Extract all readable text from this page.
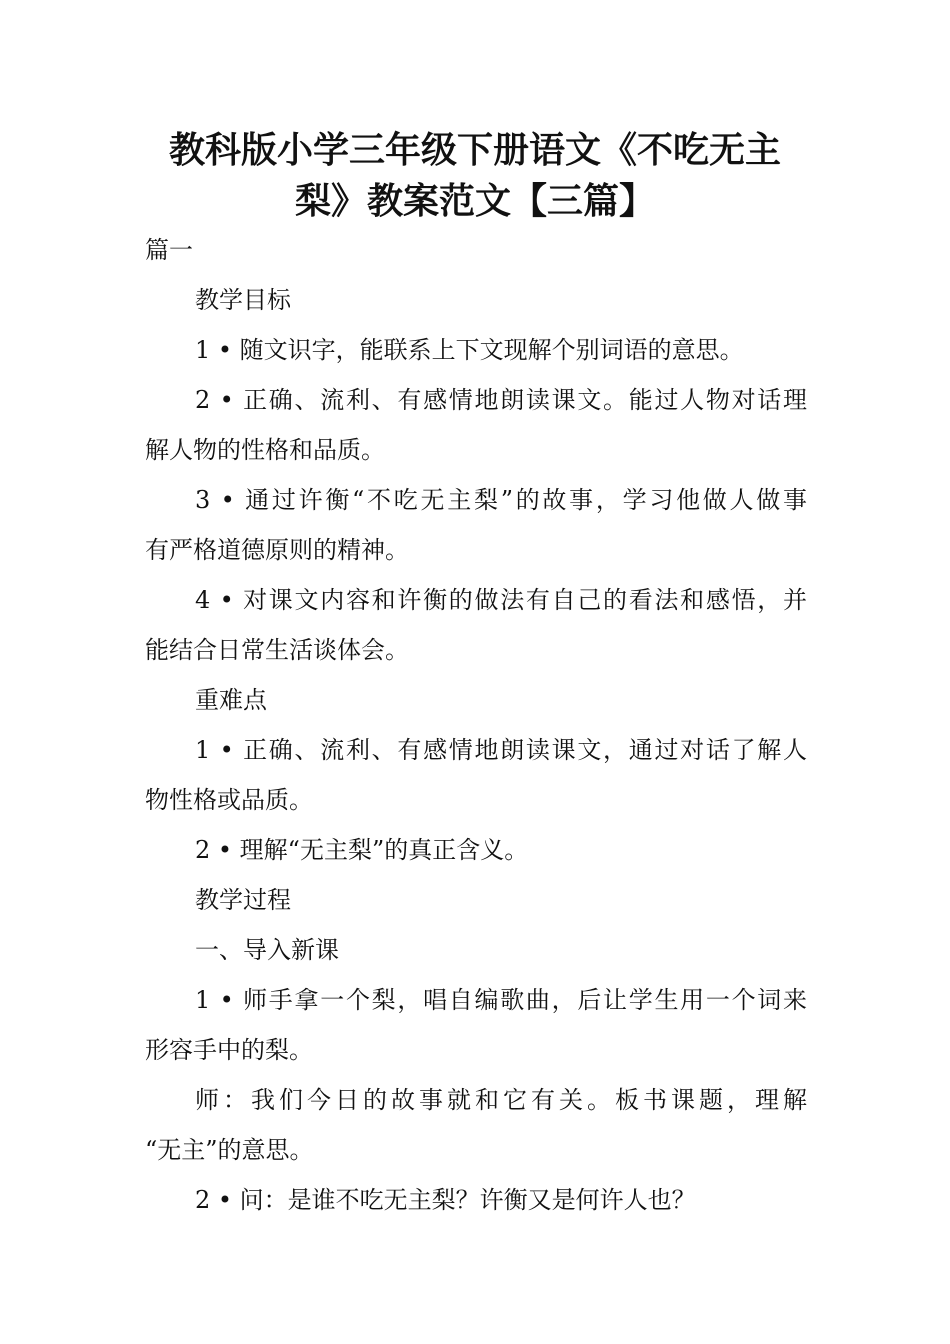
教科版小学三年级下册语文《不吃无主
梨》教案范文【三篇】

篇一

教学目标

1 • 随文识字，能联系上下文现解个别词语的意思。

2 • 正确、流利、有感情地朗读课文。能过人物对话理

解人物的性格和品质。

3 • 通过许衡“不吃无主梨”的故事，学习他做人做事

有严格道德原则的精神。

4 • 对课文内容和许衡的做法有自己的看法和感悟，并

能结合日常生活谈体会。

重难点

1 • 正确、流利、有感情地朗读课文，通过对话了解人

物性格或品质。

2 • 理解“无主梨”的真正含义。

教学过程

一、导入新课

1 • 师手拿一个梨，唱自编歌曲，后让学生用一个词来

形容手中的梨。

师：我们今日的故事就和它有关。板书课题，理解

“无主”的意思。

2 • 问：是谁不吃无主梨？许衡又是何许人也？
